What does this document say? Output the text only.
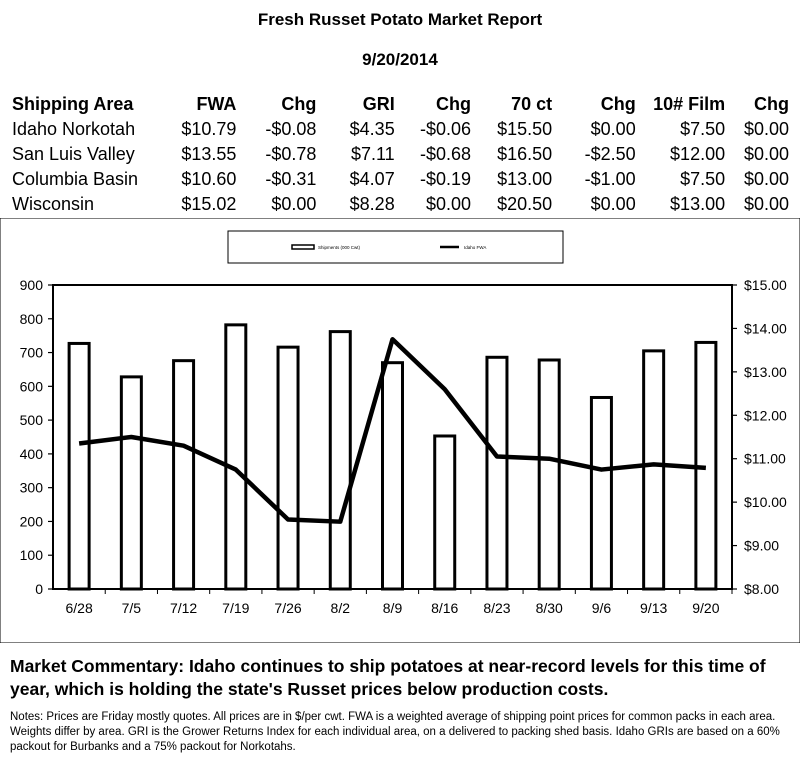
Fresh Russet Potato Market Report
9/20/2014
Shipping Area	FWA	Chg	GRI	Chg	70 ct	Chg	10# Film	Chg
Idaho Norkotah	$10.79	-$0.08	$4.35	-$0.06	$15.50	$0.00	$7.50	$0.00
San Luis Valley	$13.55	-$0.78	$7.11	-$0.68	$16.50	-$2.50	$12.00	$0.00
Columbia Basin	$10.60	-$0.31	$4.07	-$0.19	$13.00	-$1.00	$7.50	$0.00
Wisconsin	$15.02	$0.00	$8.28	$0.00	$20.50	$0.00	$13.00	$0.00
Shipments (000 Cwt)	Idaho FWA
0
100
200
300
400
500
600
700
800
900
$8.00
$9.00
$10.00
$11.00
$12.00
$13.00
$14.00
$15.00
6/28 7/5 7/12 7/19 7/26 8/2 8/9 8/16 8/23 8/30 9/6 9/13 9/20
Market Commentary: Idaho continues to ship potatoes at near-record levels for this time of year, which is holding the state's Russet prices below production costs.
Notes: Prices are Friday mostly quotes. All prices are in $/per cwt. FWA is a weighted average of shipping point prices for common packs in each area. Weights differ by area. GRI is the Grower Returns Index for each individual area, on a delivered to packing shed basis. Idaho GRIs are based on a 60% packout for Burbanks and a 75% packout for Norkotahs.
